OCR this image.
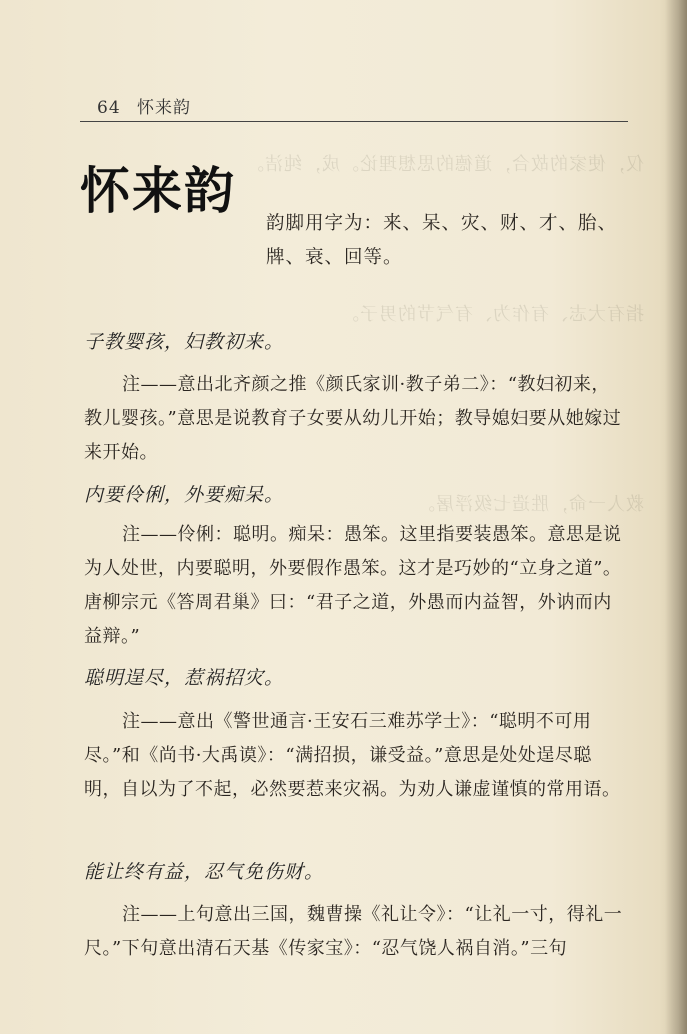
仅，使家的故合，道德的思想理论。成，纯洁。
指有大志、有作为、有气节的男子。
救人一命，胜造七级浮屠。
64 怀来韵
怀来韵
韵脚用字为：来、呆、灾、财、才、胎、牌、衰、回等。
子教婴孩，妇教初来。
注——意出北齐颜之推《颜氏家训·教子弟二》：“教妇初来，教儿婴孩。”意思是说教育子女要从幼儿开始；教导媳妇要从她嫁过来开始。
内要伶俐，外要痴呆。
注——伶俐：聪明。痴呆：愚笨。这里指要装愚笨。意思是说为人处世，内要聪明，外要假作愚笨。这才是巧妙的“立身之道”。唐柳宗元《答周君巢》曰：“君子之道，外愚而内益智，外讷而内益辩。”
聪明逞尽，惹祸招灾。
注——意出《警世通言·王安石三难苏学士》：“聪明不可用尽。”和《尚书·大禹谟》：“满招损，谦受益。”意思是处处逞尽聪明，自以为了不起，必然要惹来灾祸。为劝人谦虚谨慎的常用语。
能让终有益，忍气免伤财。
注——上句意出三国，魏曹操《礼让令》：“让礼一寸，得礼一尺。”下句意出清石天基《传家宝》：“忍气饶人祸自消。”三句
